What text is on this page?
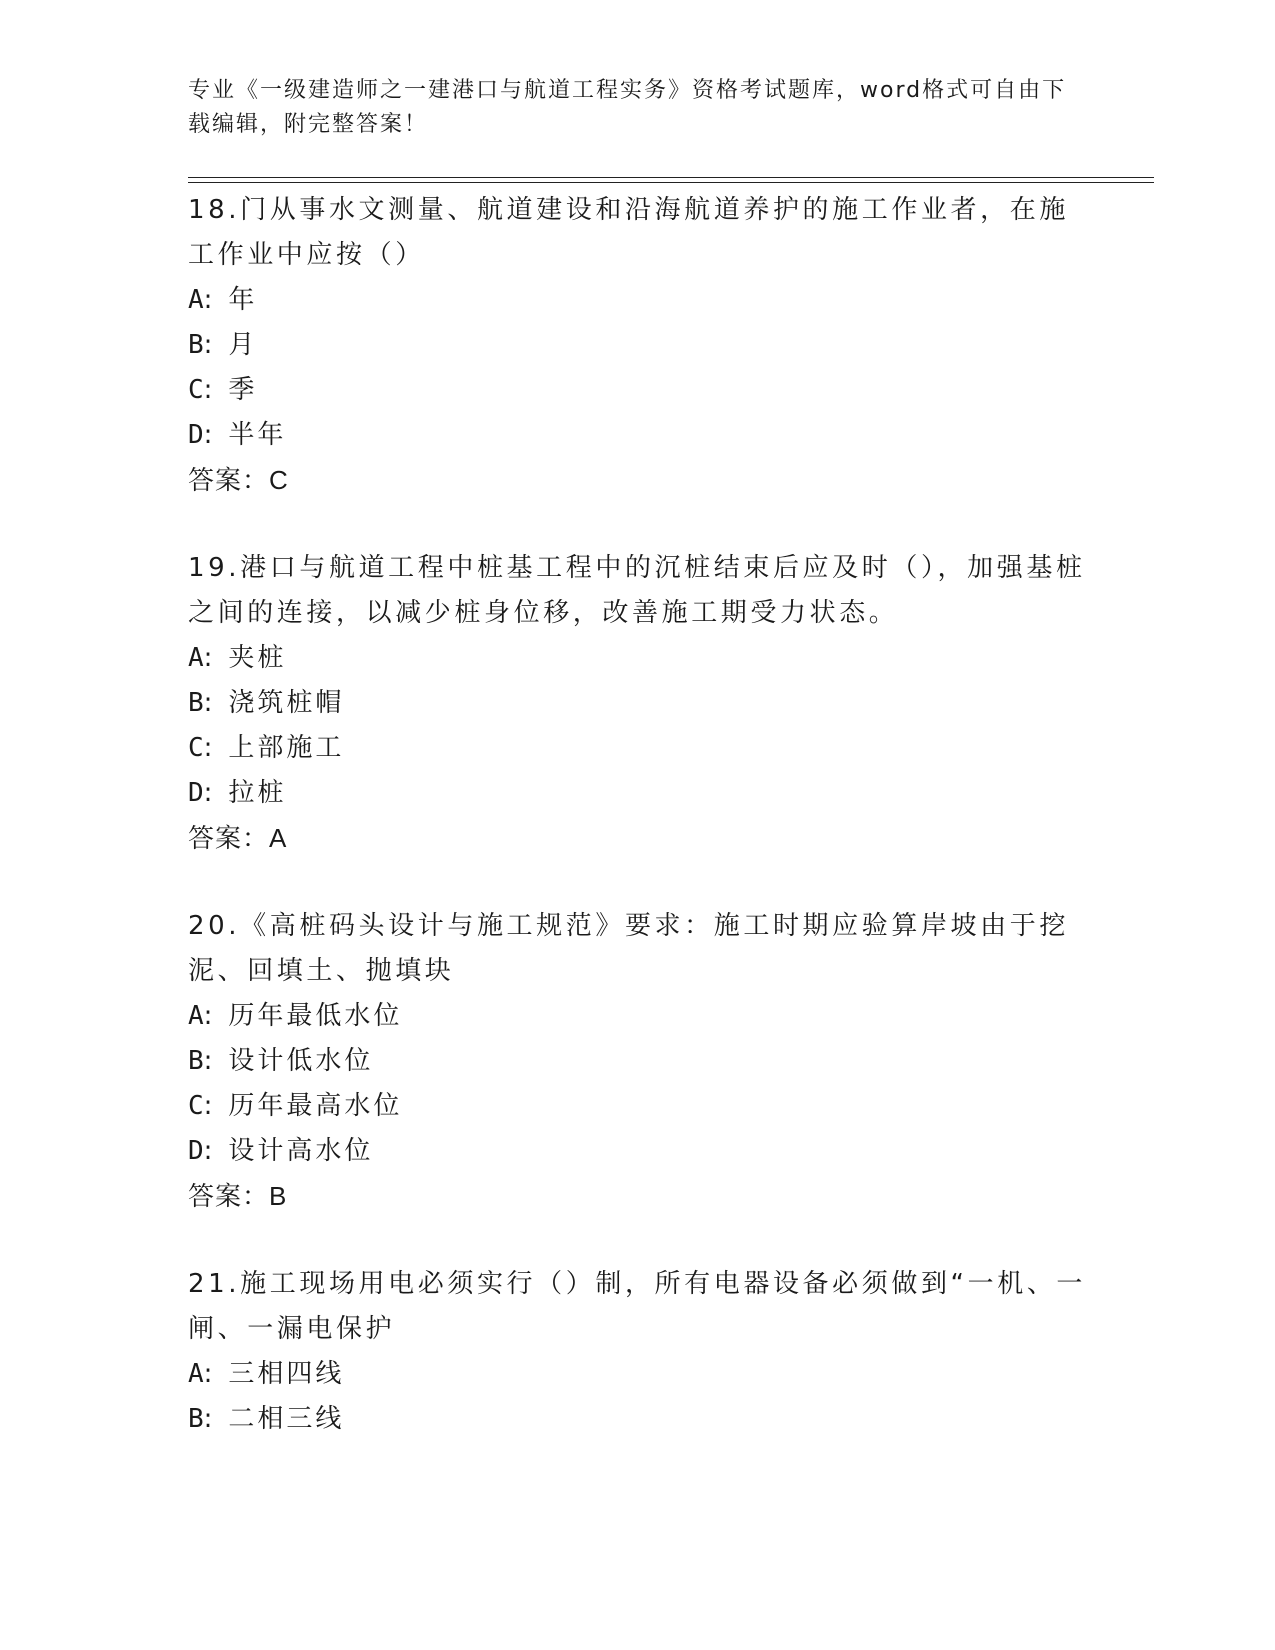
专业《一级建造师之一建港口与航道工程实务》资格考试题库，word格式可自由下载编辑，附完整答案！
18.门从事水文测量、航道建设和沿海航道养护的施工作业者，在施工作业中应按（）
A: 年
B: 月
C: 季
D: 半年
答案：C
19.港口与航道工程中桩基工程中的沉桩结束后应及时（），加强基桩之间的连接，以减少桩身位移，改善施工期受力状态。
A: 夹桩
B: 浇筑桩帽
C: 上部施工
D: 拉桩
答案：A
20.《高桩码头设计与施工规范》要求：施工时期应验算岸坡由于挖泥、回填土、抛填块
A: 历年最低水位
B: 设计低水位
C: 历年最高水位
D: 设计高水位
答案：B
21.施工现场用电必须实行（）制，所有电器设备必须做到“一机、一闸、一漏电保护
A: 三相四线
B: 二相三线
